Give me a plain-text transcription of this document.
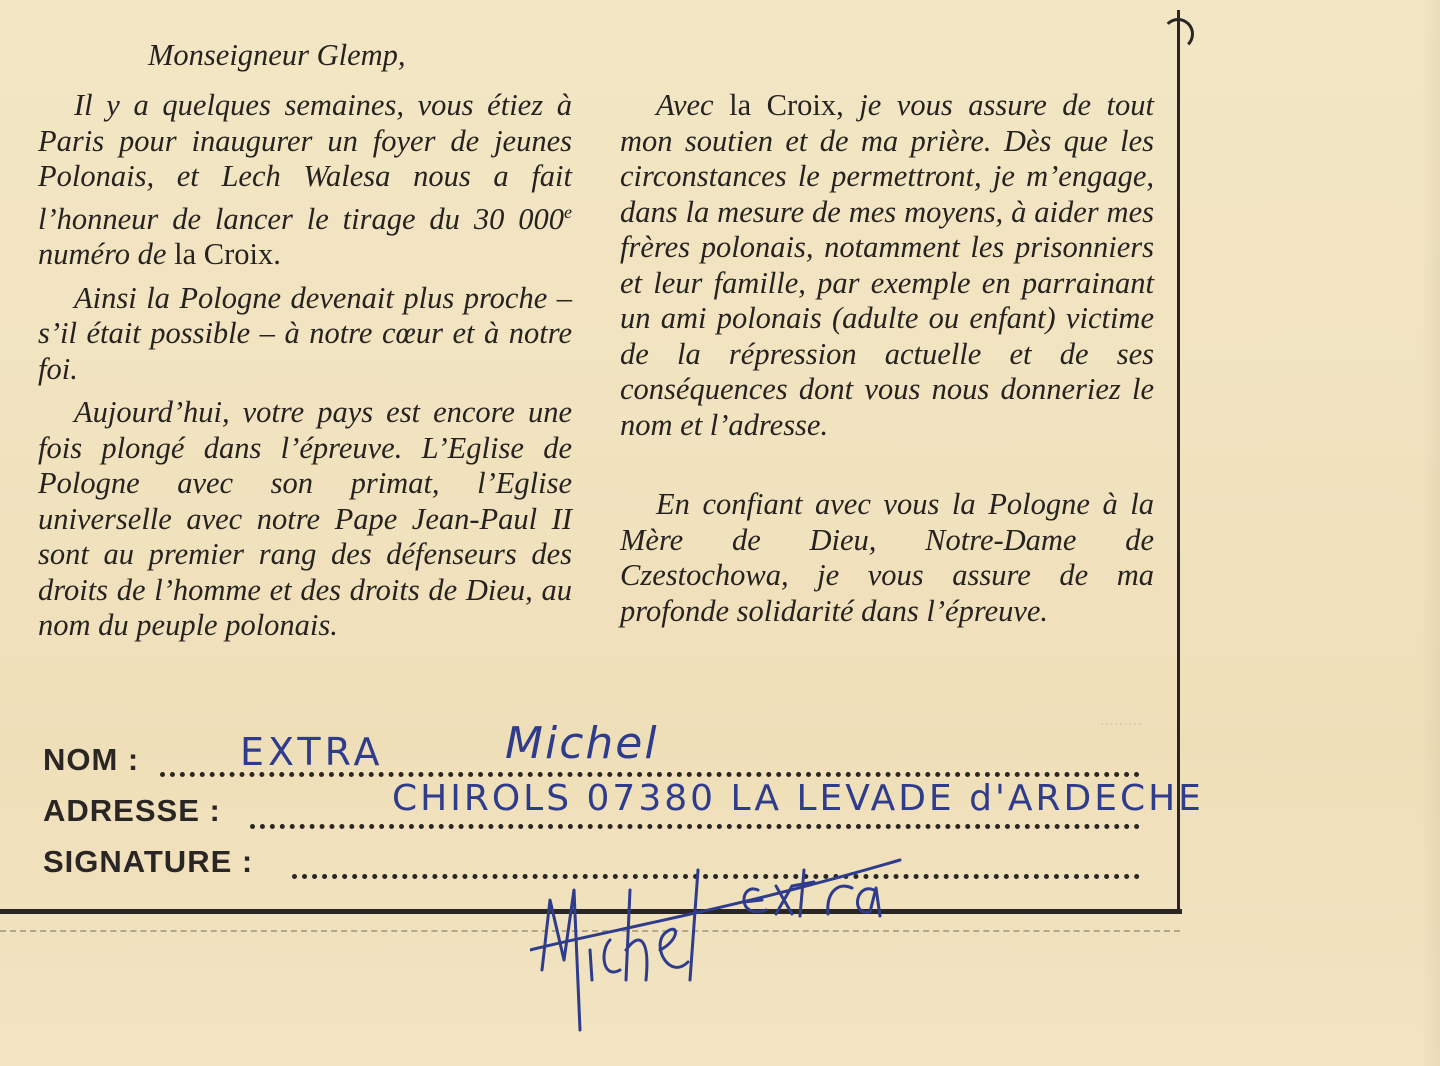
Monseigneur Glemp,

Il y a quelques semaines, vous étiez à Paris pour inaugurer un foyer de jeunes Polonais, et Lech Walesa nous a fait l’honneur de lancer le tirage du 30 000e numéro de la Croix.

Ainsi la Pologne devenait plus proche – s’il était possible – à notre cœur et à notre foi.

Aujourd’hui, votre pays est encore une fois plongé dans l’épreuve. L’Eglise de Pologne avec son primat, l’Eglise universelle avec notre Pape Jean-Paul II sont au premier rang des défenseurs des droits de l’homme et des droits de Dieu, au nom du peuple polonais.

Avec la Croix, je vous assure de tout mon soutien et de ma prière. Dès que les circonstances le permettront, je m’engage, dans la mesure de mes moyens, à aider mes frères polonais, notamment les prisonniers et leur famille, par exemple en parrainant un ami polonais (adulte ou enfant) victime de la répression actuelle et de ses conséquences dont vous nous donneriez le nom et l’adresse.

En confiant avec vous la Pologne à la Mère de Dieu, Notre-Dame de Czestochowa, je vous assure de ma profonde solidarité dans l’épreuve.

NOM :
ADRESSE :
SIGNATURE :
EXTRA	Michel
CHIROLS 07380 LA LEVADE d'ARDECHE
·········
